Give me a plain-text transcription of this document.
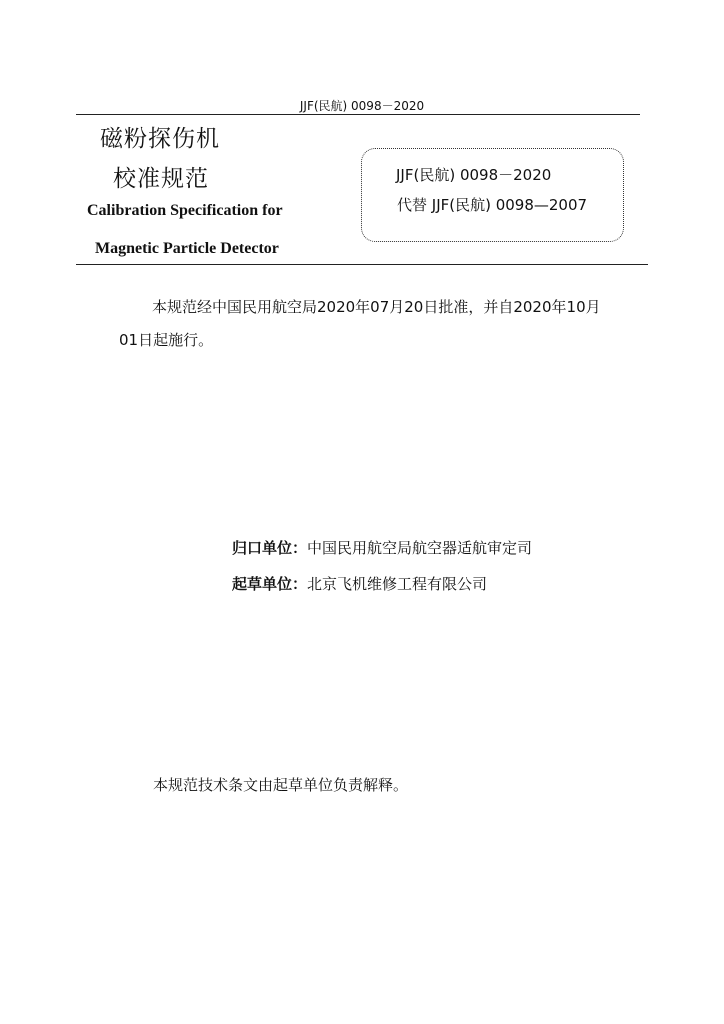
JJF(民航) 0098－2020
磁粉探伤机
校准规范
Calibration Specification for
Magnetic Particle Detector
JJF(民航) 0098－2020
代替 JJF(民航) 0098—2007
本规范经中国民用航空局2020年07月20日批准，并自2020年10月
01日起施行。
归口单位：中国民用航空局航空器适航审定司
起草单位：北京飞机维修工程有限公司
本规范技术条文由起草单位负责解释。
